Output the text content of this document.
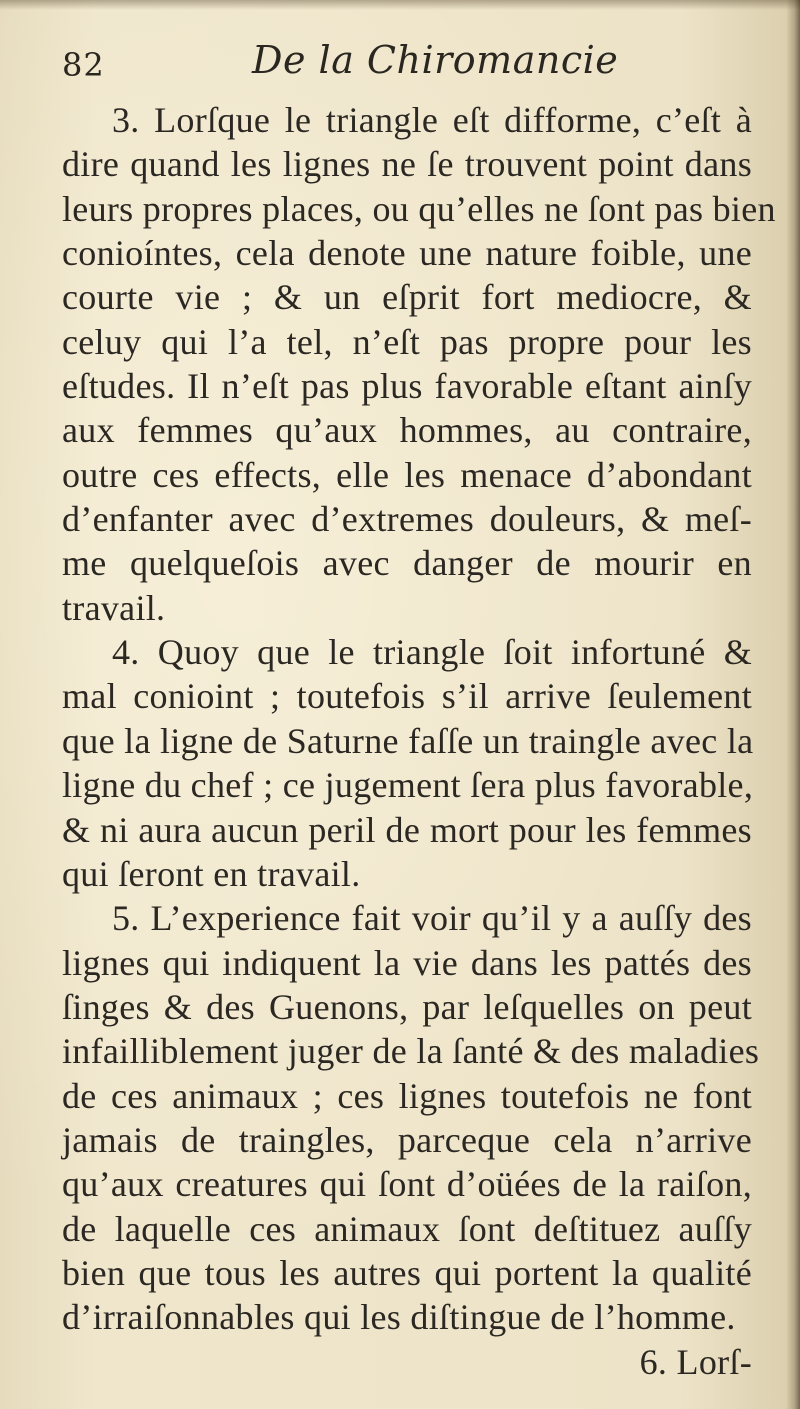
82	De la Chiromancie
3. Lorſque le triangle eſt difforme, c’eſt à
dire quand les lignes ne ſe trouvent point dans
leurs propres places, ou qu’elles ne ſont pas bien
conioíntes, cela denote une nature foible, une
courte vie ; & un eſprit fort mediocre, &
celuy qui l’a tel, n’eſt pas propre pour les
eſtudes. Il n’eſt pas plus favorable eſtant ainſy
aux femmes qu’aux hommes, au contraire,
outre ces effects, elle les menace d’abondant
d’enfanter avec d’extremes douleurs, & meſ-
me quelqueſois avec danger de mourir en
travail.
4. Quoy que le triangle ſoit infortuné &
mal conioint ; toutefois s’il arrive ſeulement
que la ligne de Saturne faſſe un traingle avec la
ligne du chef ; ce jugement ſera plus favorable,
& ni aura aucun peril de mort pour les femmes
qui ſeront en travail.
5. L’experience fait voir qu’il y a auſſy des
lignes qui indiquent la vie dans les pattés des
ſinges & des Guenons, par leſquelles on peut
infailliblement juger de la ſanté & des maladies
de ces animaux ; ces lignes toutefois ne font
jamais de traingles, parceque cela n’arrive
qu’aux creatures qui ſont d’oüées de la raiſon,
de laquelle ces animaux ſont deſtituez auſſy
bien que tous les autres qui portent la qualité
d’irraiſonnables qui les diſtingue de l’homme.
6. Lorſ-
